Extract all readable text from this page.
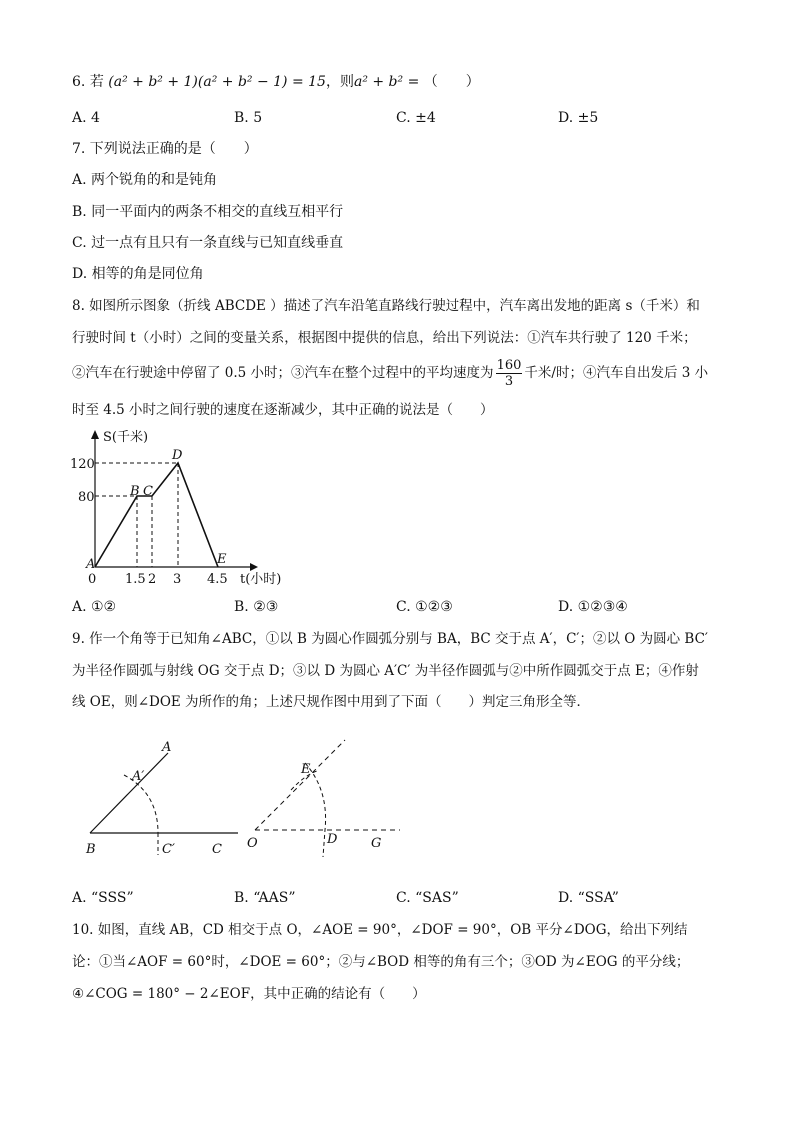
6. 若 (a² + b² + 1)(a² + b² − 1) = 15，则a² + b² = （　　）
A. 4	B. 5	C. ±4	D. ±5
7. 下列说法正确的是（　　）
A. 两个锐角的和是钝角
B. 同一平面内的两条不相交的直线互相平行
C. 过一点有且只有一条直线与已知直线垂直
D. 相等的角是同位角
8. 如图所示图象（折线 ABCDE ）描述了汽车沿笔直路线行驶过程中，汽车离出发地的距离 s（千米）和
行驶时间 t（小时）之间的变量关系，根据图中提供的信息，给出下列说法：①汽车共行驶了 120 千米；
②汽车在行驶途中停留了 0.5 小时；③汽车在整个过程中的平均速度为 $\frac{160}{3}$ 千米/时；④汽车自出发后 3 小
时至 4.5 小时之间行驶的速度在逐渐减少，其中正确的说法是（　　）
S(千米)
t(小时)
120
80
0 1.5 2 3 4.5
A
B C
D
E
A. ①②	B. ②③	C. ①②③	D. ①②③④
9. 作一个角等于已知角∠ABC，①以 B 为圆心作圆弧分别与 BA，BC 交于点 A′，C′；②以 O 为圆心 BC′
为半径作圆弧与射线 OG 交于点 D；③以 D 为圆心 A′C′ 为半径作圆弧与②中所作圆弧交于点 E；④作射
线 OE，则∠DOE 为所作的角；上述尺规作图中用到了下面（　　）判定三角形全等．
A
A′
B	C′	C
E
O	D	G
A. “SSS”	B. “AAS”	C. “SAS”	D. “SSA”
10. 如图，直线 AB，CD 相交于点 O，∠AOE = 90°，∠DOF = 90°，OB 平分∠DOG，给出下列结
论：①当∠AOF = 60°时，∠DOE = 60°；②与∠BOD 相等的角有三个；③OD 为∠EOG 的平分线；
④∠COG = 180° − 2∠EOF，其中正确的结论有（　　）
